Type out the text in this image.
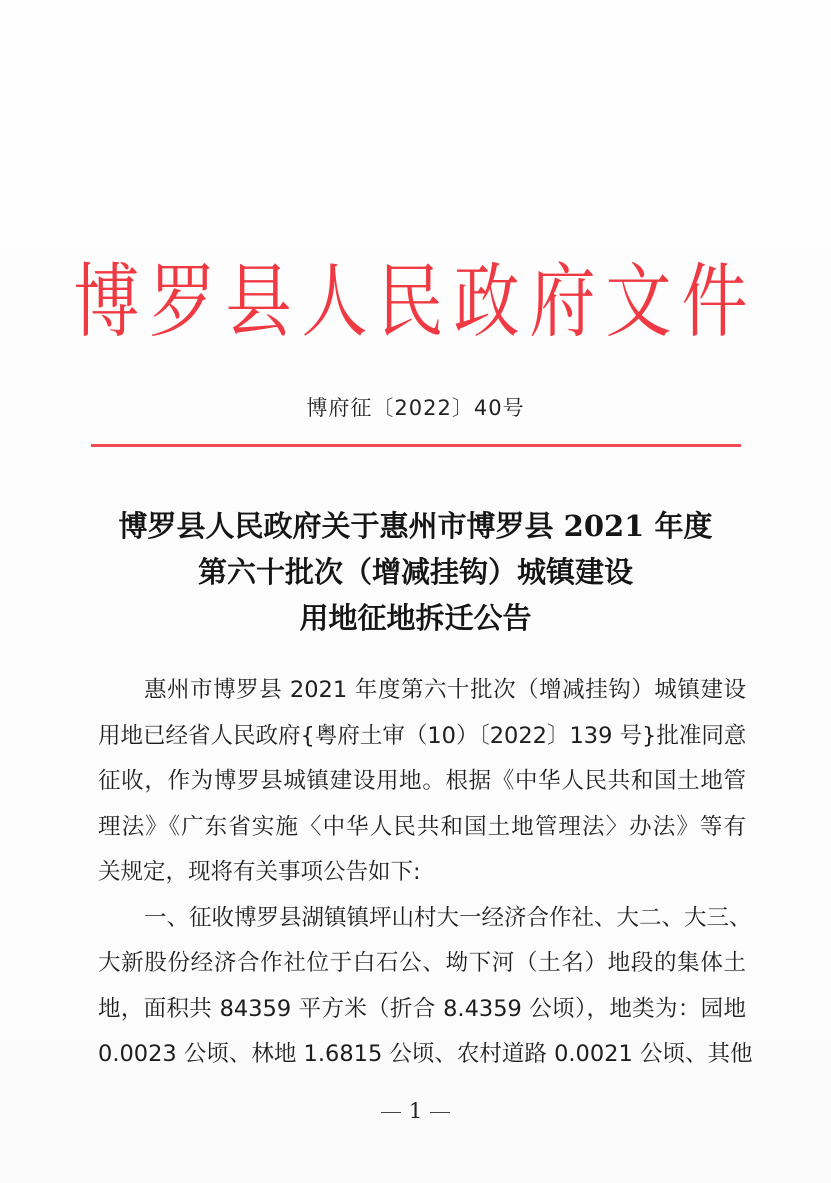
博罗县人民政府文件
博府征〔2022〕40号
博罗县人民政府关于惠州市博罗县 2021 年度
第六十批次（增减挂钩）城镇建设
用地征地拆迁公告
惠州市博罗县 2021 年度第六十批次（增减挂钩）城镇建设
用地已经省人民政府{粤府土审（10）〔2022〕139 号}批准同意
征收，作为博罗县城镇建设用地。根据《中华人民共和国土地管
理法》《广东省实施〈中华人民共和国土地管理法〉办法》等有
关规定，现将有关事项公告如下:
一、征收博罗县湖镇镇坪山村大一经济合作社、大二、大三、
大新股份经济合作社位于白石公、坳下河（土名）地段的集体土
地，面积共 84359 平方米（折合 8.4359 公顷），地类为：园地
0.0023 公顷、林地 1.6815 公顷、农村道路 0.0021 公顷、其他
1
